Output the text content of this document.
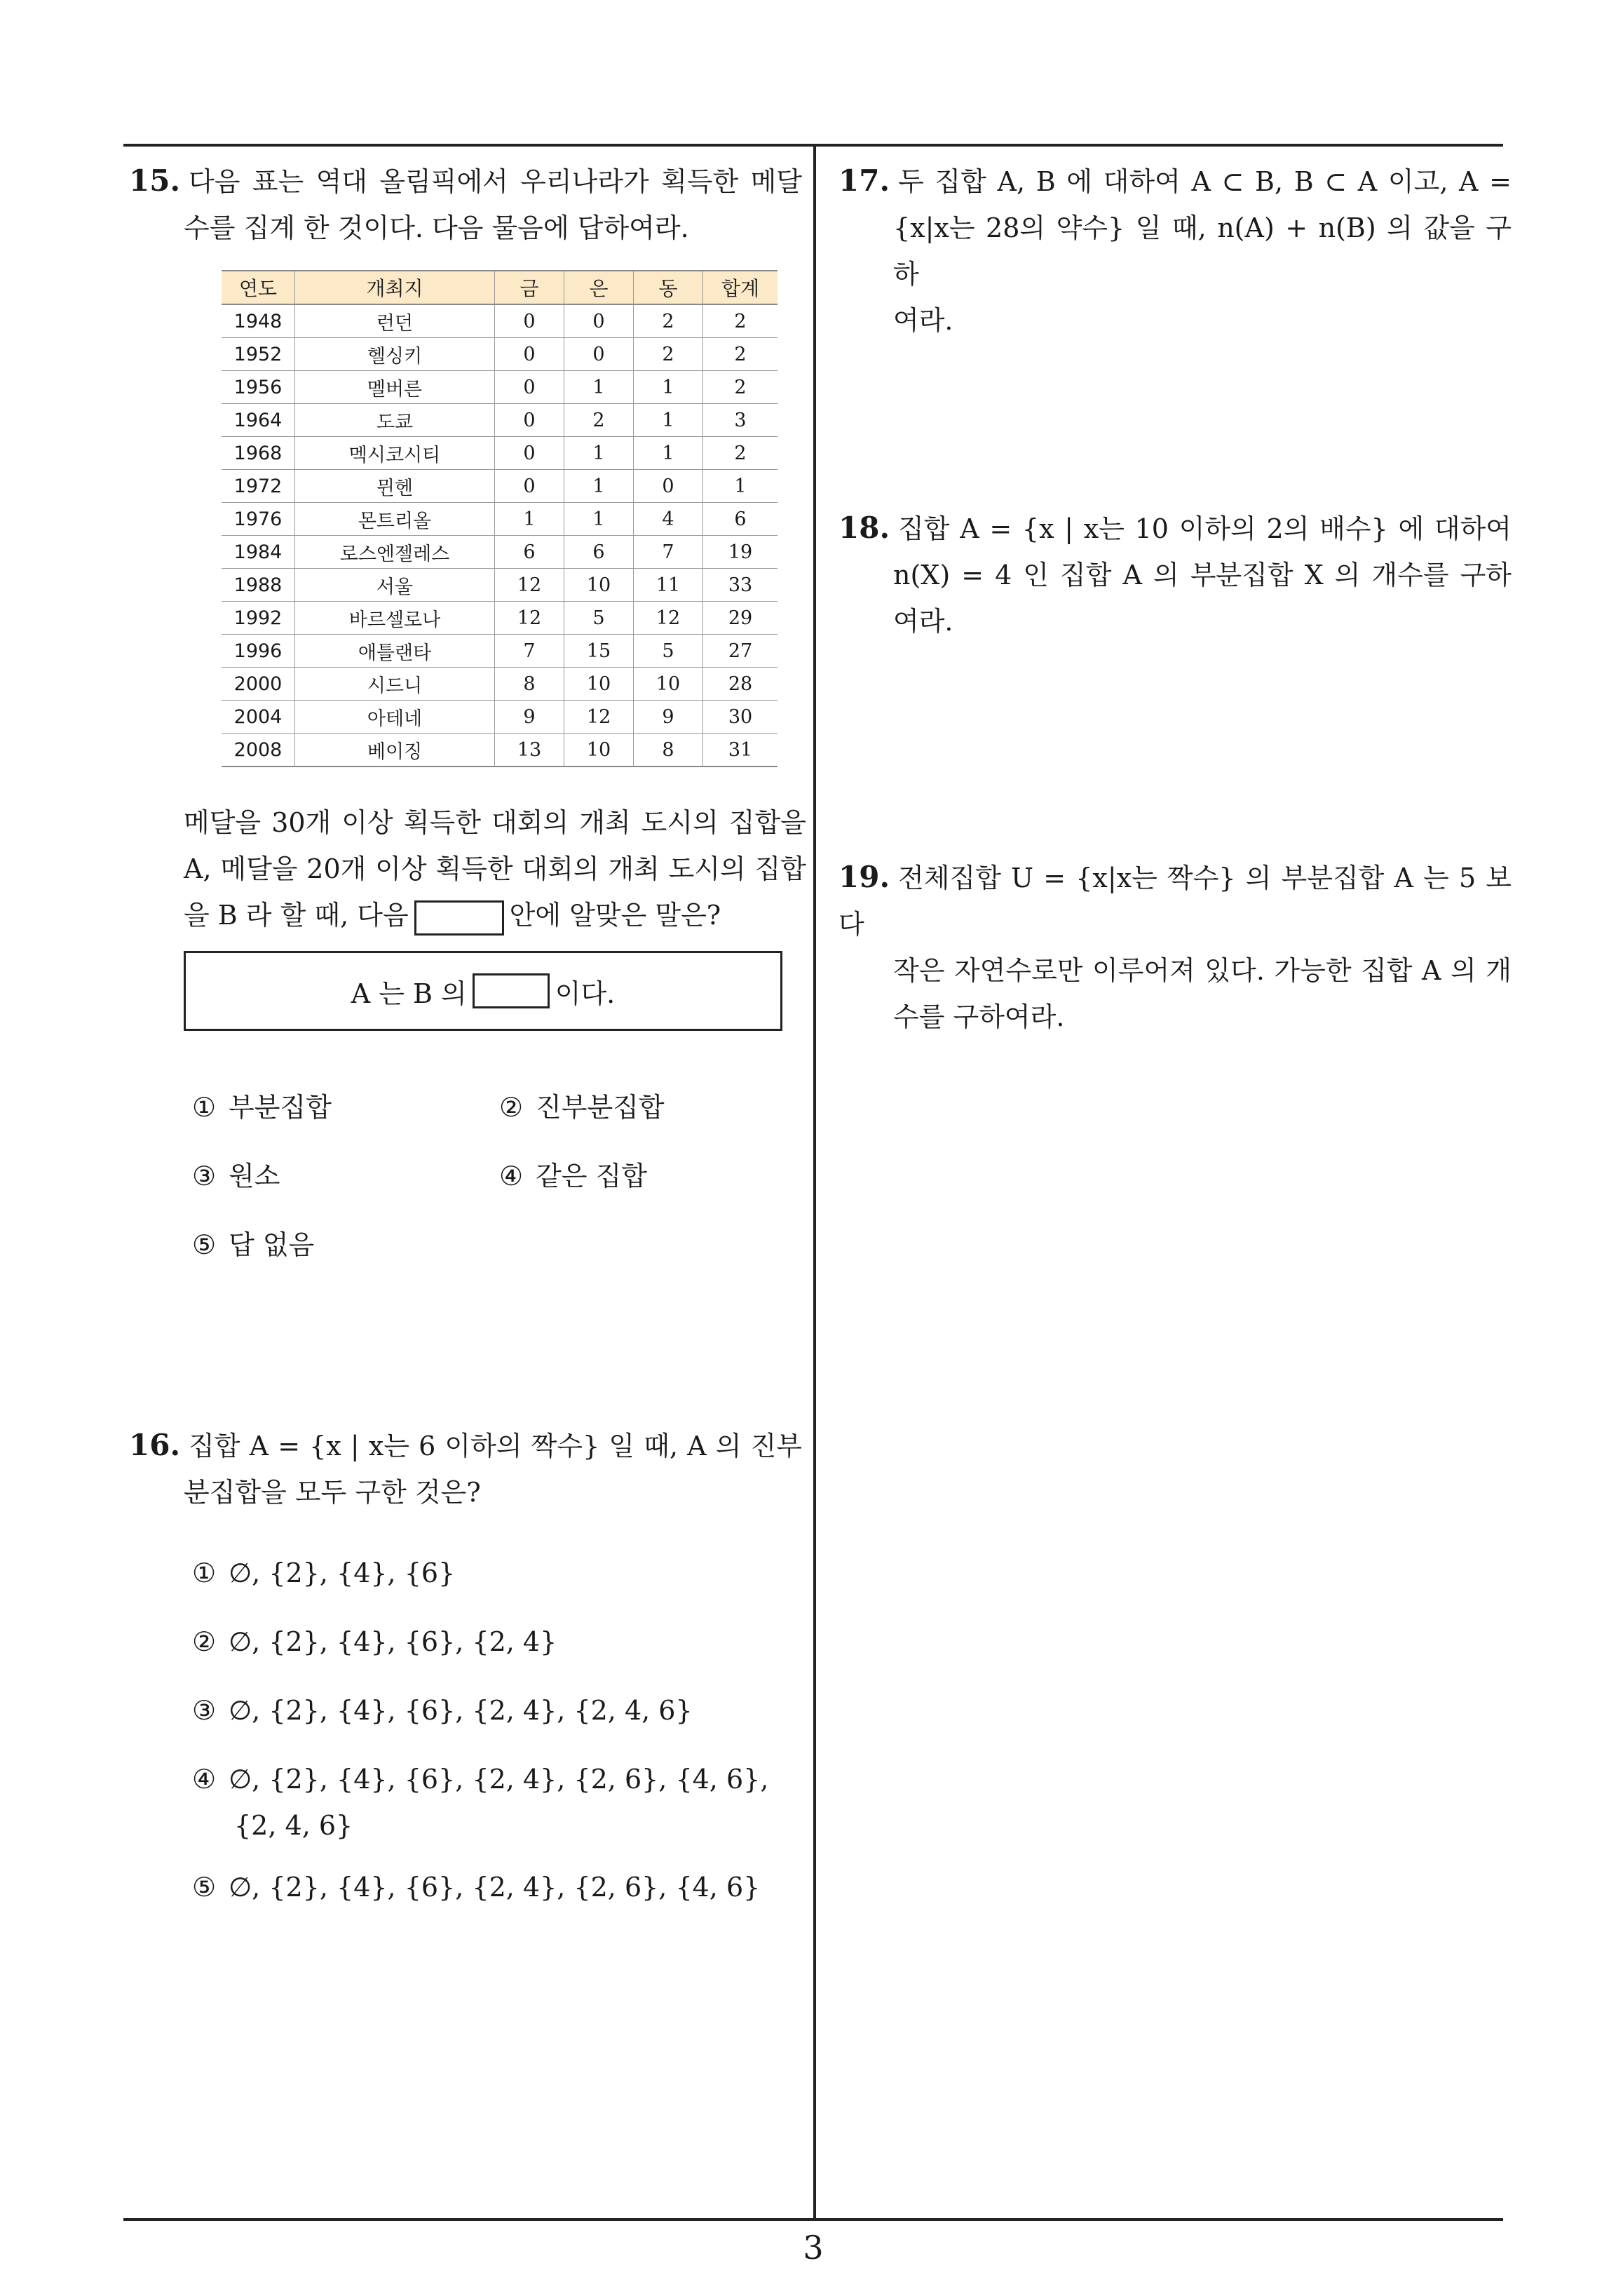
15. 다음 표는 역대 올림픽에서 우리나라가 획득한 메달
수를 집계 한 것이다. 다음 물음에 답하여라.
연도	개최지	금	은	동	합계
1948	런던	0	0	2	2
1952	헬싱키	0	0	2	2
1956	멜버른	0	1	1	2
1964	도쿄	0	2	1	3
1968	멕시코시티	0	1	1	2
1972	뮌헨	0	1	0	1
1976	몬트리올	1	1	4	6
1984	로스엔젤레스	6	6	7	19
1988	서울	12	10	11	33
1992	바르셀로나	12	5	12	29
1996	애틀랜타	7	15	5	27
2000	시드니	8	10	10	28
2004	아테네	9	12	9	30
2008	베이징	13	10	8	31
메달을 30개 이상 획득한 대회의 개최 도시의 집합을
A, 메달을 20개 이상 획득한 대회의 개최 도시의 집합
을 B 라 할 때, 다음	안에 알맞은 말은?
A 는 B 의	이다.
① 부분집합	② 진부분집합
③ 원소	④ 같은 집합
⑤ 답 없음
16. 집합 A = {x | x는 6 이하의 짝수} 일 때, A 의 진부
분집합을 모두 구한 것은?
① ∅, {2}, {4}, {6}
② ∅, {2}, {4}, {6}, {2, 4}
③ ∅, {2}, {4}, {6}, {2, 4}, {2, 4, 6}
④ ∅, {2}, {4}, {6}, {2, 4}, {2, 6}, {4, 6},
{2, 4, 6}
⑤ ∅, {2}, {4}, {6}, {2, 4}, {2, 6}, {4, 6}
17. 두 집합 A, B 에 대하여 A ⊂ B, B ⊂ A 이고, A =
{x|x는 28의 약수} 일 때, n(A) + n(B) 의 값을 구하
여라.
18. 집합 A = {x | x는 10 이하의 2의 배수} 에 대하여
n(X) = 4 인 집합 A 의 부분집합 X 의 개수를 구하
여라.
19. 전체집합 U = {x|x는 짝수} 의 부분집합 A 는 5 보다
작은 자연수로만 이루어져 있다. 가능한 집합 A 의 개
수를 구하여라.
3
